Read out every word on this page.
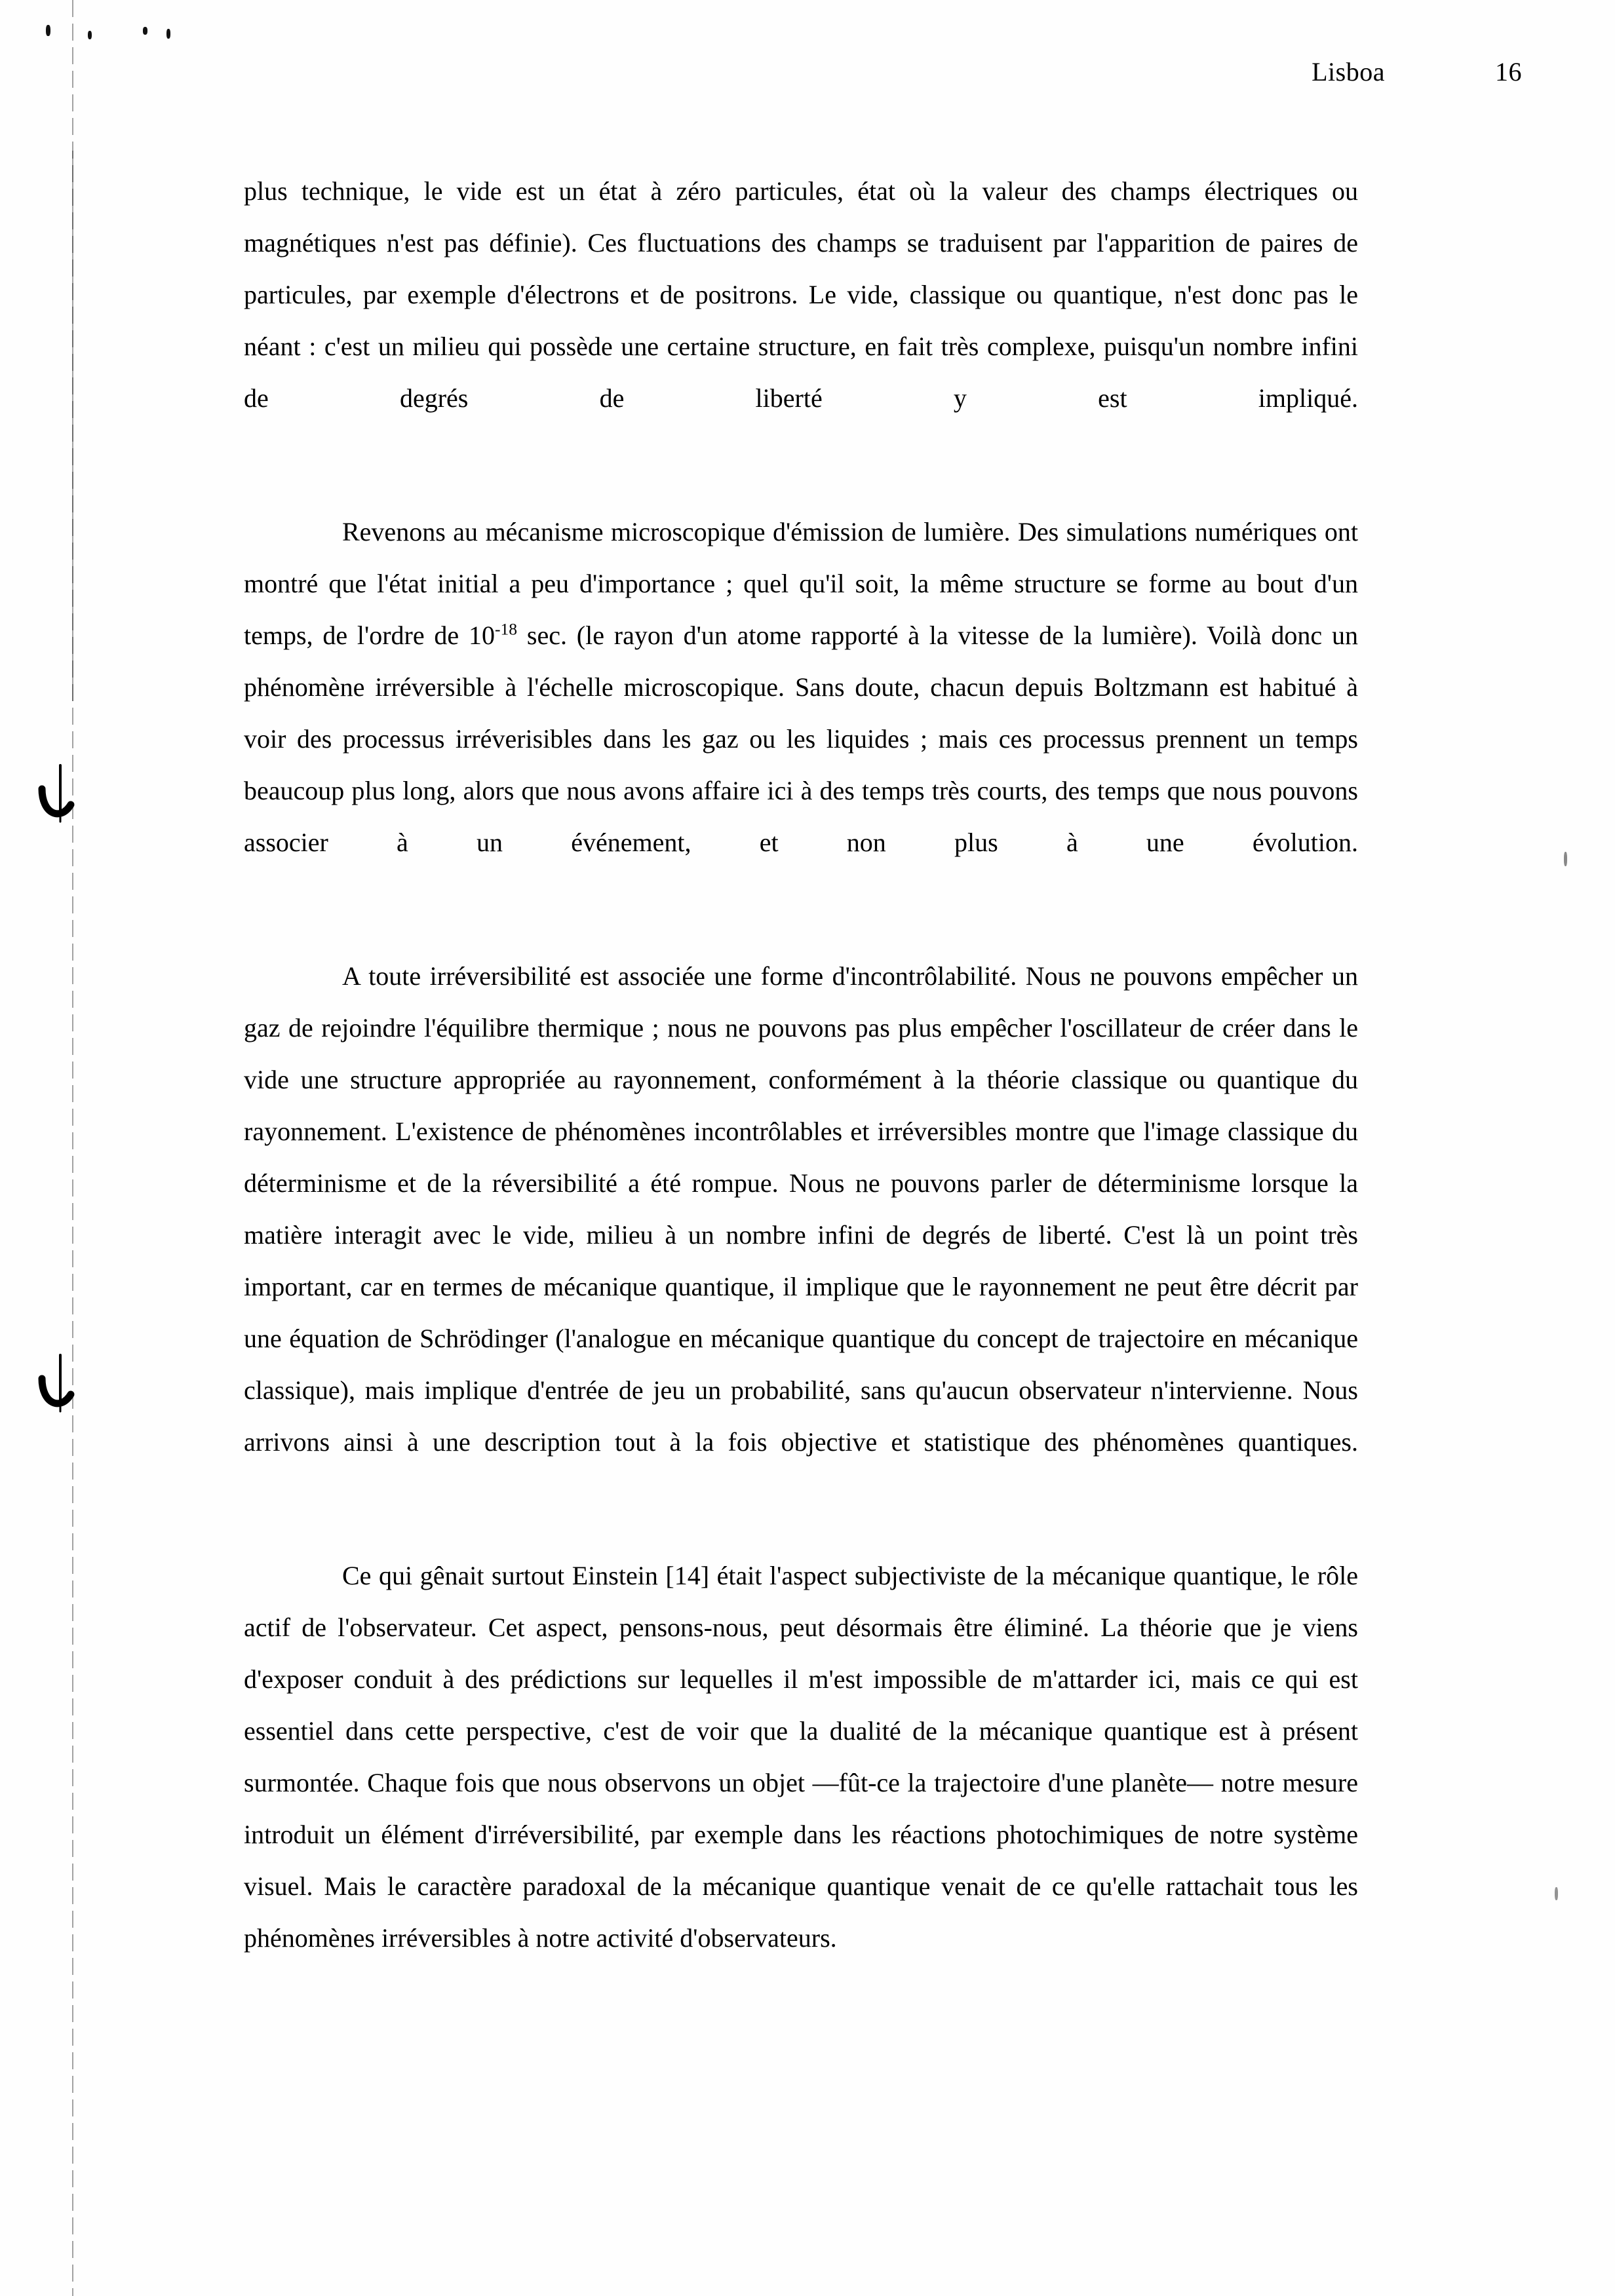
Lisboa	16

plus technique, le vide est un état à zéro particules, état où la valeur des champs électriques ou magnétiques n'est pas définie). Ces fluctuations des champs se traduisent par l'apparition de paires de particules, par exemple d'électrons et de positrons. Le vide, classique ou quantique, n'est donc pas le néant : c'est un milieu qui possède une certaine structure, en fait très complexe, puisqu'un nombre infini de degrés de liberté y est impliqué.

Revenons au mécanisme microscopique d'émission de lumière. Des simulations numériques ont montré que l'état initial a peu d'importance ; quel qu'il soit, la même structure se forme au bout d'un temps, de l'ordre de $10^{-18}$ sec. (le rayon d'un atome rapporté à la vitesse de la lumière). Voilà donc un phénomène irréversible à l'échelle microscopique. Sans doute, chacun depuis Boltzmann est habitué à voir des processus irréverisibles dans les gaz ou les liquides ; mais ces processus prennent un temps beaucoup plus long, alors que nous avons affaire ici à des temps très courts, des temps que nous pouvons associer à un événement, et non plus à une évolution.

A toute irréversibilité est associée une forme d'incontrôlabilité. Nous ne pouvons empêcher un gaz de rejoindre l'équilibre thermique ; nous ne pouvons pas plus empêcher l'oscillateur de créer dans le vide une structure appropriée au rayonnement, conformément à la théorie classique ou quantique du rayonnement. L'existence de phénomènes incontrôlables et irréversibles montre que l'image classique du déterminisme et de la réversibilité a été rompue. Nous ne pouvons parler de déterminisme lorsque la matière interagit avec le vide, milieu à un nombre infini de degrés de liberté. C'est là un point très important, car en termes de mécanique quantique, il implique que le rayonnement ne peut être décrit par une équation de Schrödinger (l'analogue en mécanique quantique du concept de trajectoire en mécanique classique), mais implique d'entrée de jeu un probabilité, sans qu'aucun observateur n'intervienne. Nous arrivons ainsi à une description tout à la fois objective et statistique des phénomènes quantiques.

Ce qui gênait surtout Einstein [14] était l'aspect subjectiviste de la mécanique quantique, le rôle actif de l'observateur. Cet aspect, pensons-nous, peut désormais être éliminé. La théorie que je viens d'exposer conduit à des prédictions sur lequelles il m'est impossible de m'attarder ici, mais ce qui est essentiel dans cette perspective, c'est de voir que la dualité de la mécanique quantique est à présent surmontée. Chaque fois que nous observons un objet —fût-ce la trajectoire d'une planète— notre mesure introduit un élément d'irréversibilité, par exemple dans les réactions photochimiques de notre système visuel. Mais le caractère paradoxal de la mécanique quantique venait de ce qu'elle rattachait tous les phénomènes irréversibles à notre activité d'observateurs.
